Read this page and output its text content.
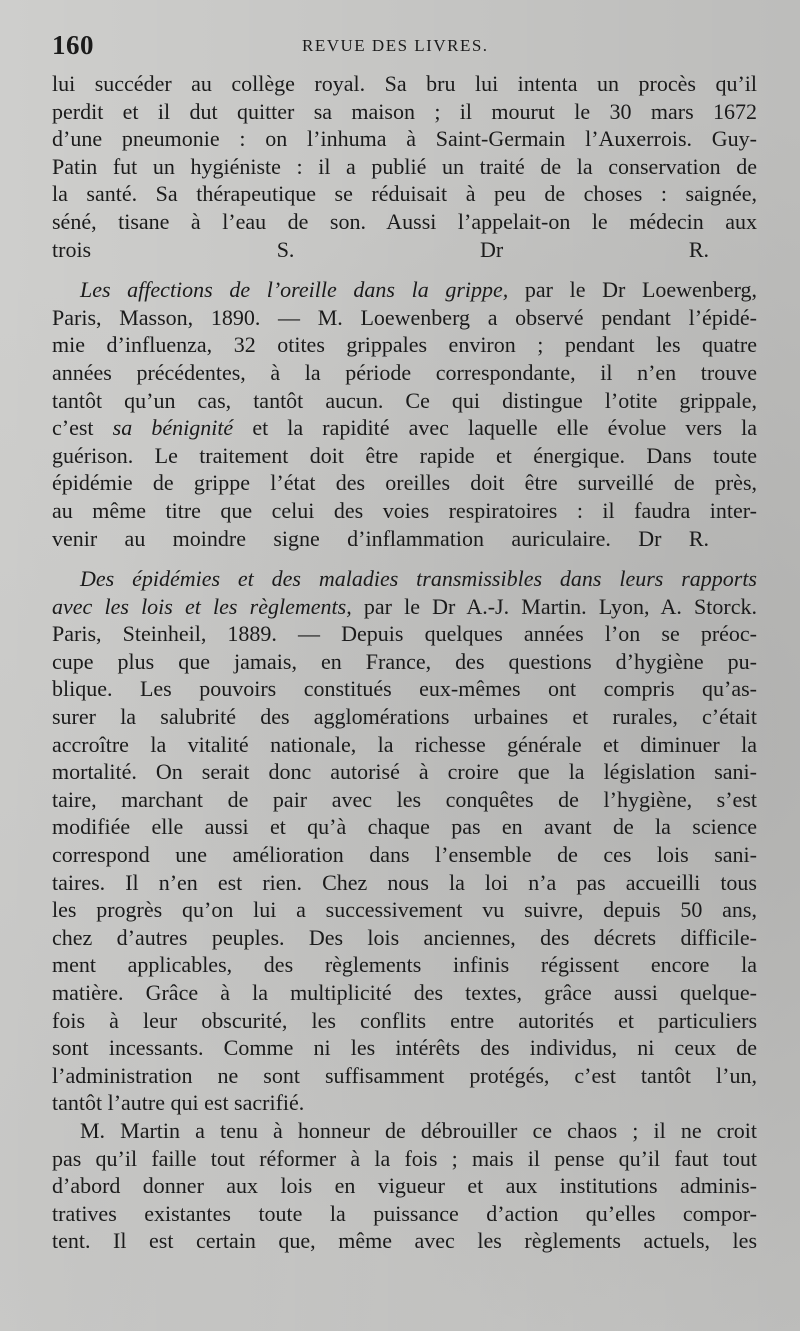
160	REVUE DES LIVRES.
lui succéder au collège royal. Sa bru lui intenta un procès qu’il
perdit et il dut quitter sa maison ; il mourut le 30 mars 1672
d’une pneumonie : on l’inhuma à Saint-Germain l’Auxerrois. Guy-
Patin fut un hygiéniste : il a publié un traité de la conservation de
la santé. Sa thérapeutique se réduisait à peu de choses : saignée,
séné, tisane à l’eau de son. Aussi l’appelait-on le médecin aux
trois S.	Dr R.
Les affections de l’oreille dans la grippe, par le Dr Loewenberg,
Paris, Masson, 1890. — M. Loewenberg a observé pendant l’épidé-
mie d’influenza, 32 otites grippales environ ; pendant les quatre
années précédentes, à la période correspondante, il n’en trouve
tantôt qu’un cas, tantôt aucun. Ce qui distingue l’otite grippale,
c’est sa bénignité et la rapidité avec laquelle elle évolue vers la
guérison. Le traitement doit être rapide et énergique. Dans toute
épidémie de grippe l’état des oreilles doit être surveillé de près,
au même titre que celui des voies respiratoires : il faudra inter-
venir au moindre signe d’inflammation auriculaire. Dr R.
Des épidémies et des maladies transmissibles dans leurs rapports
avec les lois et les règlements, par le Dr A.-J. Martin. Lyon, A. Storck.
Paris, Steinheil, 1889. — Depuis quelques années l’on se préoc-
cupe plus que jamais, en France, des questions d’hygiène pu-
blique. Les pouvoirs constitués eux-mêmes ont compris qu’as-
surer la salubrité des agglomérations urbaines et rurales, c’était
accroître la vitalité nationale, la richesse générale et diminuer la
mortalité. On serait donc autorisé à croire que la législation sani-
taire, marchant de pair avec les conquêtes de l’hygiène, s’est
modifiée elle aussi et qu’à chaque pas en avant de la science
correspond une amélioration dans l’ensemble de ces lois sani-
taires. Il n’en est rien. Chez nous la loi n’a pas accueilli tous
les progrès qu’on lui a successivement vu suivre, depuis 50 ans,
chez d’autres peuples. Des lois anciennes, des décrets difficile-
ment applicables, des règlements infinis régissent encore la
matière. Grâce à la multiplicité des textes, grâce aussi quelque-
fois à leur obscurité, les conflits entre autorités et particuliers
sont incessants. Comme ni les intérêts des individus, ni ceux de
l’administration ne sont suffisamment protégés, c’est tantôt l’un,
tantôt l’autre qui est sacrifié.
M. Martin a tenu à honneur de débrouiller ce chaos ; il ne croit
pas qu’il faille tout réformer à la fois ; mais il pense qu’il faut tout
d’abord donner aux lois en vigueur et aux institutions adminis-
tratives existantes toute la puissance d’action qu’elles compor-
tent. Il est certain que, même avec les règlements actuels, les
